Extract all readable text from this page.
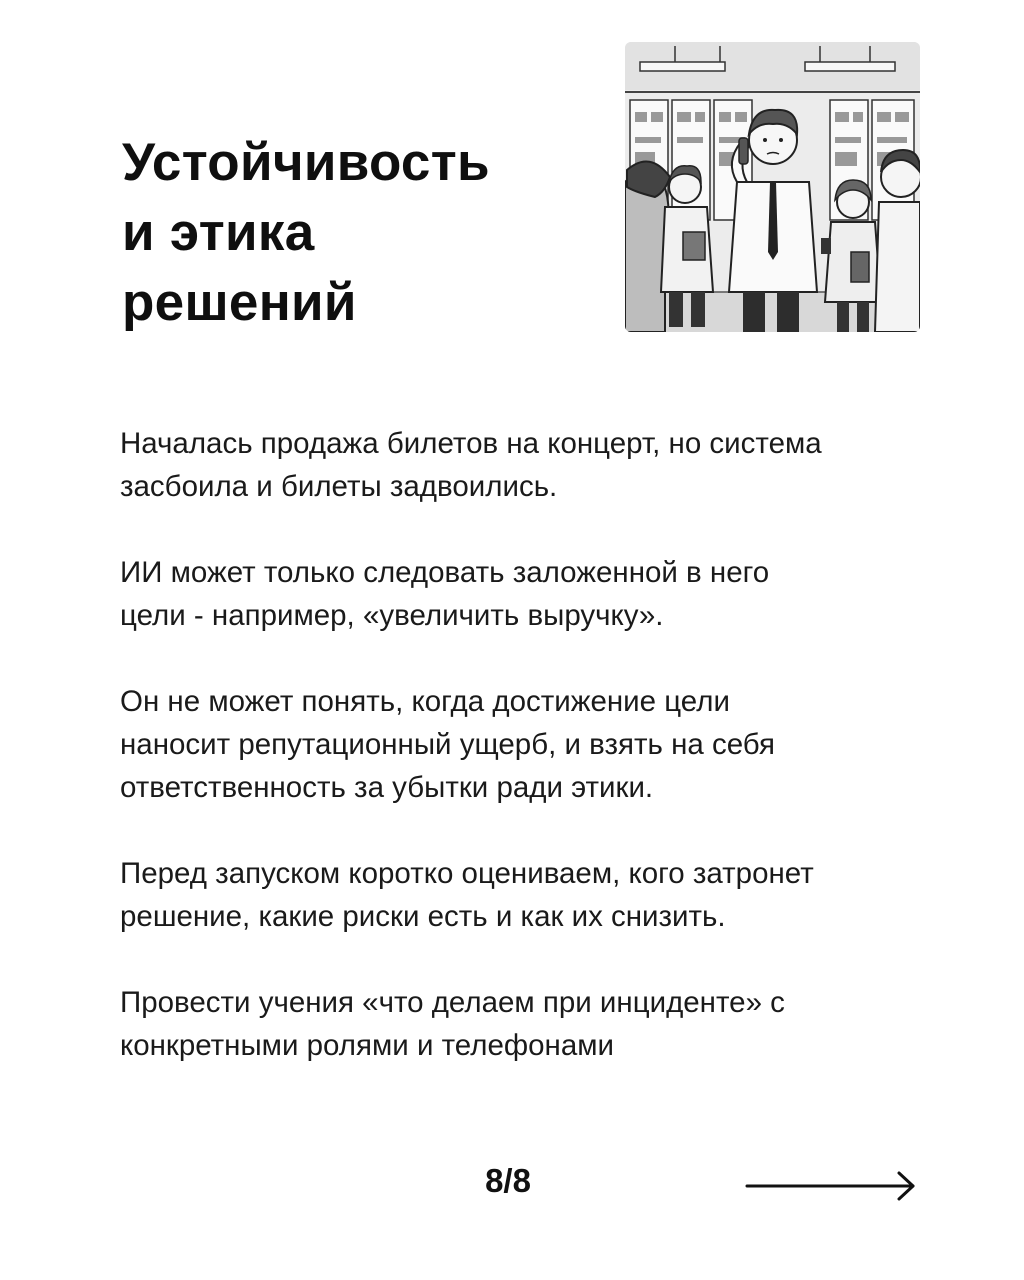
Устойчивость
и этика
решений
Началась продажа билетов на концерт, но система
засбоила и билеты задвоились.
ИИ может только следовать заложенной в него
цели - например, «увеличить выручку».
Он не может понять, когда достижение цели
наносит репутационный ущерб, и взять на себя
ответственность за убытки ради этики.
Перед запуском коротко оцениваем, кого затронет
решение, какие риски есть и как их снизить.
Провести учения «что делаем при инциденте» с
конкретными ролями и телефонами
8/8
